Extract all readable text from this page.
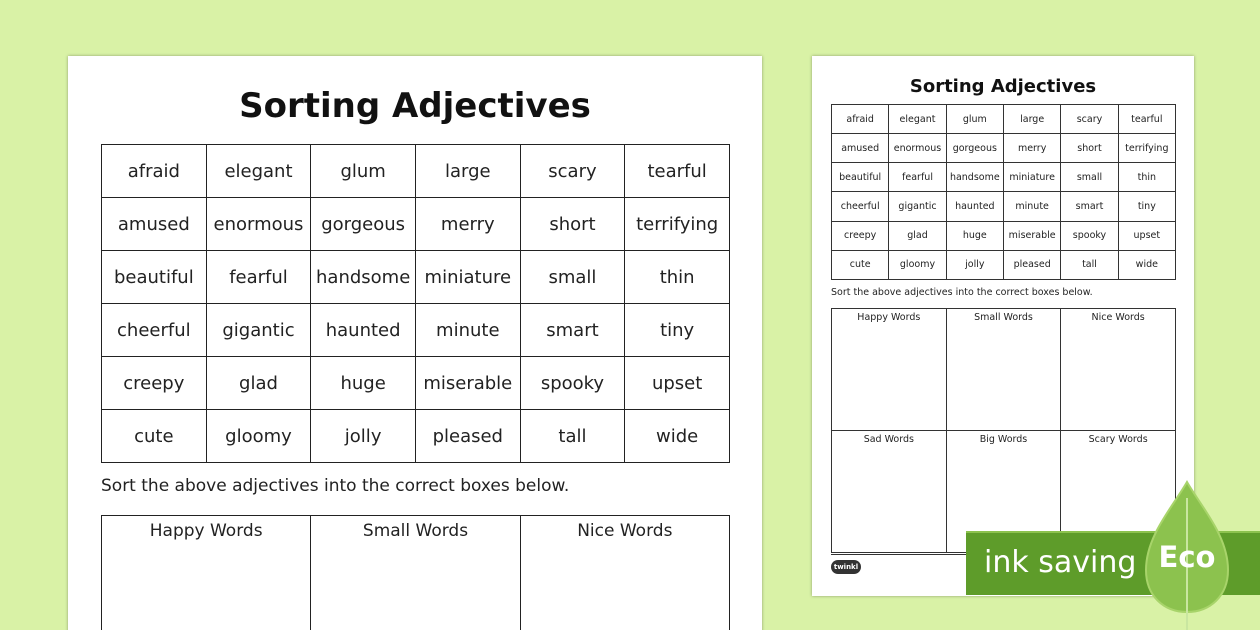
Sorting Adjectives
afraid	elegant	glum	large	scary	tearful
amused	enormous	gorgeous	merry	short	terrifying
beautiful	fearful	handsome	miniature	small	thin
cheerful	gigantic	haunted	minute	smart	tiny
creepy	glad	huge	miserable	spooky	upset
cute	gloomy	jolly	pleased	tall	wide
Sort the above adjectives into the correct boxes below.
Happy Words	Small Words	Nice Words
Sorting Adjectives
afraid	elegant	glum	large	scary	tearful
amused	enormous	gorgeous	merry	short	terrifying
beautiful	fearful	handsome	miniature	small	thin
cheerful	gigantic	haunted	minute	smart	tiny
creepy	glad	huge	miserable	spooky	upset
cute	gloomy	jolly	pleased	tall	wide
Sort the above adjectives into the correct boxes below.
Happy Words	Small Words	Nice Words
Sad Words	Big Words	Scary Words
twinkl	ink saving Eco
